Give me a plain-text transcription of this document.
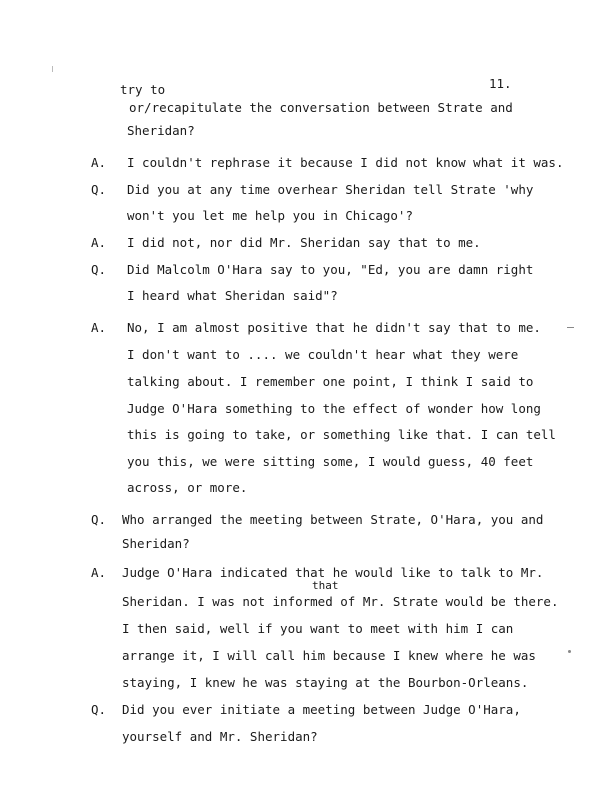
11.
try to
or/recapitulate the conversation between Strate and
Sheridan?
A. I couldn't rephrase it because I did not know what it was.
Q. Did you at any time overhear Sheridan tell Strate 'why
won't you let me help you in Chicago'?
A. I did not, nor did Mr. Sheridan say that to me.
Q. Did Malcolm O'Hara say to you, "Ed, you are damn right
I heard what Sheridan said"?
A. No, I am almost positive that he didn't say that to me.
I don't want to .... we couldn't hear what they were
talking about. I remember one point, I think I said to
Judge O'Hara something to the effect of wonder how long
this is going to take, or something like that. I can tell
you this, we were sitting some, I would guess, 40 feet
across, or more.
Q. Who arranged the meeting between Strate, O'Hara, you and
Sheridan?
A. Judge O'Hara indicated that he would like to talk to Mr.
that
Sheridan. I was not informed of Mr. Strate would be there.
I then said, well if you want to meet with him I can
arrange it, I will call him because I knew where he was
staying, I knew he was staying at the Bourbon-Orleans.
Q. Did you ever initiate a meeting between Judge O'Hara,
yourself and Mr. Sheridan?
